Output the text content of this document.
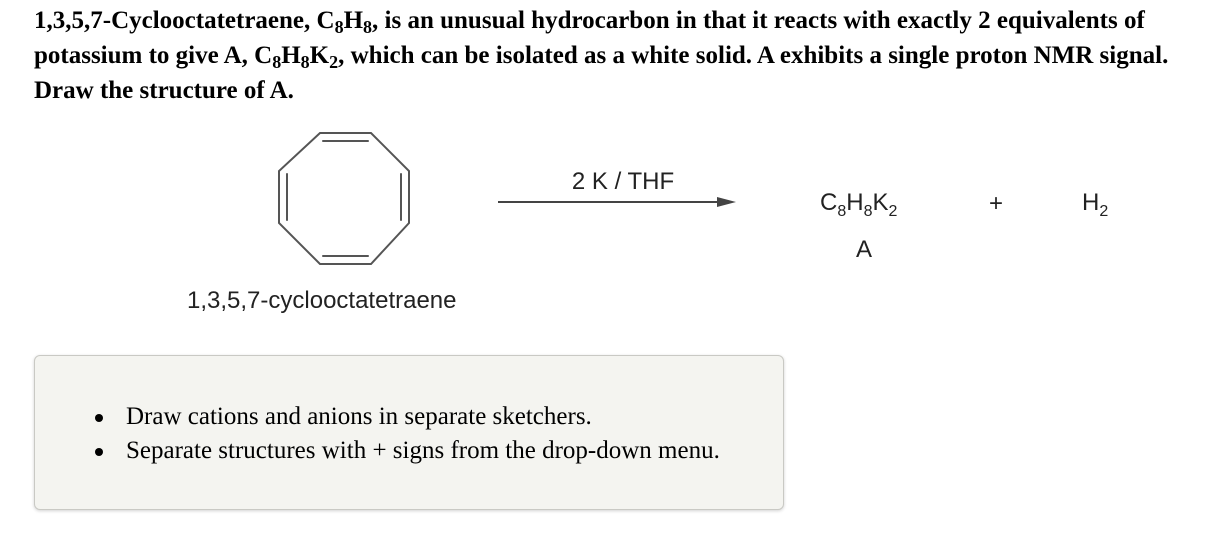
1,3,5,7-Cyclooctatetraene, $C_8H_8$, is an unusual hydrocarbon in that it reacts with exactly 2 equivalents of potassium to give A, $C_8H_8K_2$, which can be isolated as a white solid. A exhibits a single proton NMR signal. Draw the structure of A.

1,3,5,7-cyclooctatetraene
2 K / THF
$C_8H_8K_2$
A
+	$H_2$
Draw cations and anions in separate sketchers.
Separate structures with + signs from the drop-down menu.
